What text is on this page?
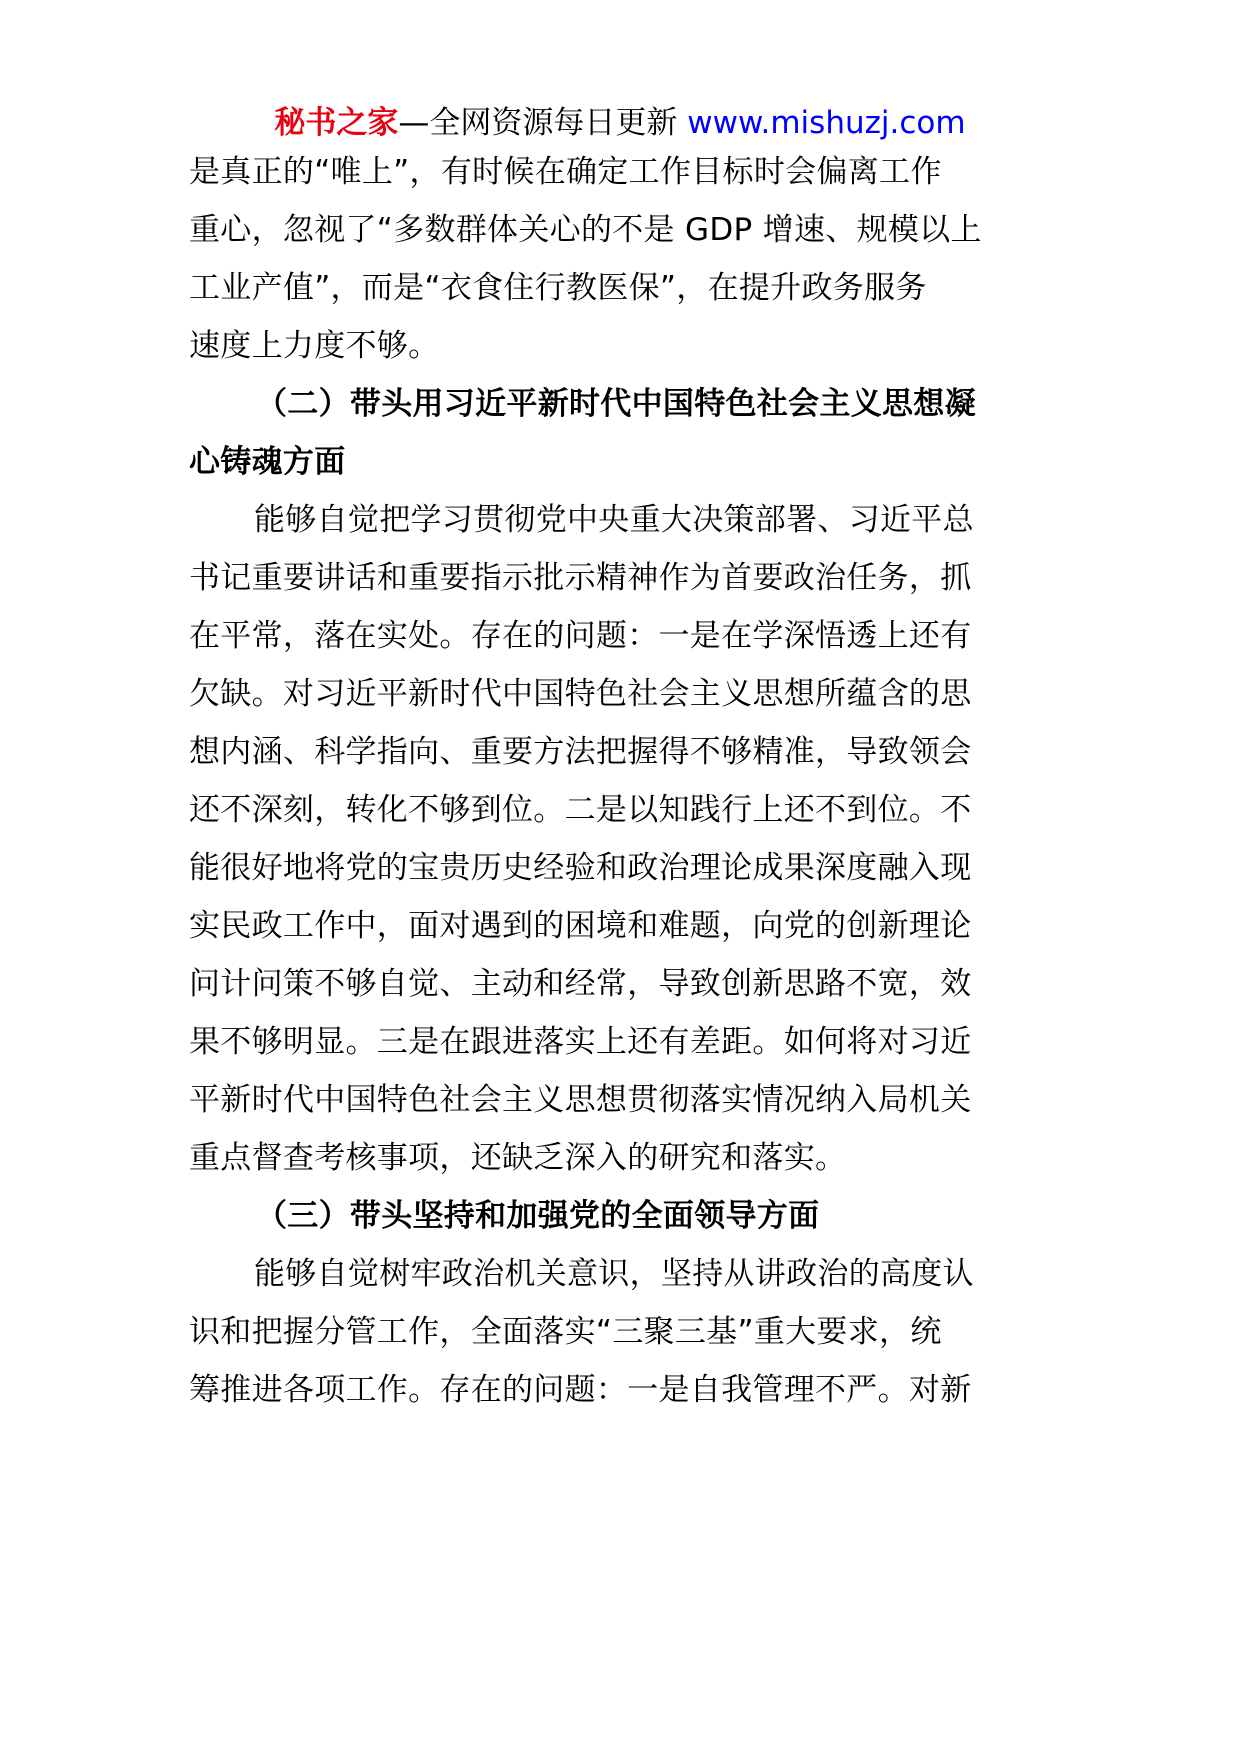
秘书之家—全网资源每日更新 www.mishuzj.com
是真正的“唯上”，有时候在确定工作目标时会偏离工作
重心，忽视了“多数群体关心的不是 GDP 增速、规模以上
工业产值”，而是“衣食住行教医保”，在提升政务服务
速度上力度不够。
（二）带头用习近平新时代中国特色社会主义思想凝
心铸魂方面
能够自觉把学习贯彻党中央重大决策部署、习近平总
书记重要讲话和重要指示批示精神作为首要政治任务，抓
在平常，落在实处。存在的问题：一是在学深悟透上还有
欠缺。对习近平新时代中国特色社会主义思想所蕴含的思
想内涵、科学指向、重要方法把握得不够精准，导致领会
还不深刻，转化不够到位。二是以知践行上还不到位。不
能很好地将党的宝贵历史经验和政治理论成果深度融入现
实民政工作中，面对遇到的困境和难题，向党的创新理论
问计问策不够自觉、主动和经常，导致创新思路不宽，效
果不够明显。三是在跟进落实上还有差距。如何将对习近
平新时代中国特色社会主义思想贯彻落实情况纳入局机关
重点督查考核事项，还缺乏深入的研究和落实。
（三）带头坚持和加强党的全面领导方面
能够自觉树牢政治机关意识，坚持从讲政治的高度认
识和把握分管工作，全面落实“三聚三基”重大要求，统
筹推进各项工作。存在的问题：一是自我管理不严。对新
